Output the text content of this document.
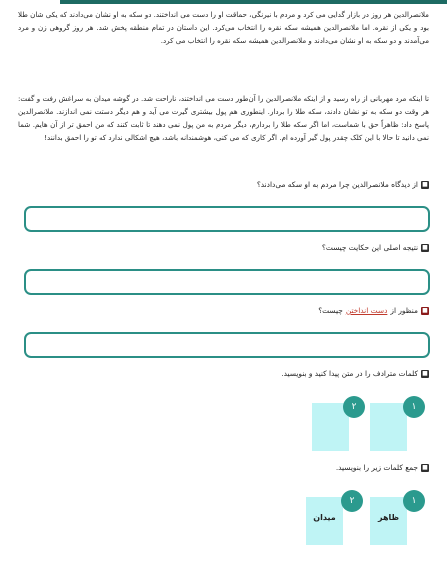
ملانصرالدین هر روز در بازار گدایی می کرد و مردم با نیرنگی، حماقت او را دست می انداختند. دو سکه به او نشان می‌دادند که یکی شان طلا بود و یکی از نقره. اما ملانصرالدین همیشه سکه نقره را انتخاب می‌کرد. این داستان در تمام منطقه پخش شد. هر روز گروهی زن و مرد می‌آمدند و دو سکه به او نشان می‌دادند و ملانصرالدین همیشه سکه نقره را انتخاب می کرد.

تا اینکه مرد مهربانی از راه رسید و از اینکه ملانصرالدین را آن‌طور دست می انداختند، ناراحت شد. در گوشه میدان به سراغش رفت و گفت: هر وقت دو سکه به تو نشان دادند، سکه طلا را بردار. اینطوری هم پول بیشتری گیرت می آید و هم دیگر دستت نمی اندازند. ملانصرالدین پاسخ داد: ظاهراً حق با شماست، اما اگر سکه طلا را بردارم، دیگر مردم به من پول نمی دهند تا ثابت کنند که من احمق تر از آن هایم. شما نمی دانید تا حالا با این کلک چقدر پول گیر آورده ام. اگر کاری که می کنی، هوشمندانه باشد، هیچ اشکالی ندارد که تو را احمق بدانند!

■
از دیدگاه ملانصرالدین چرا مردم به او سکه می‌دادند؟
■
نتیجه اصلی این حکایت چیست؟
■
منظور از
دست انداختن
چیست؟
■
کلمات مترادف را در متن پیدا کنید و بنویسید.
۱
۲
■
جمع کلمات زیر را بنویسید.
ظاهر
۱
میدان
۲
